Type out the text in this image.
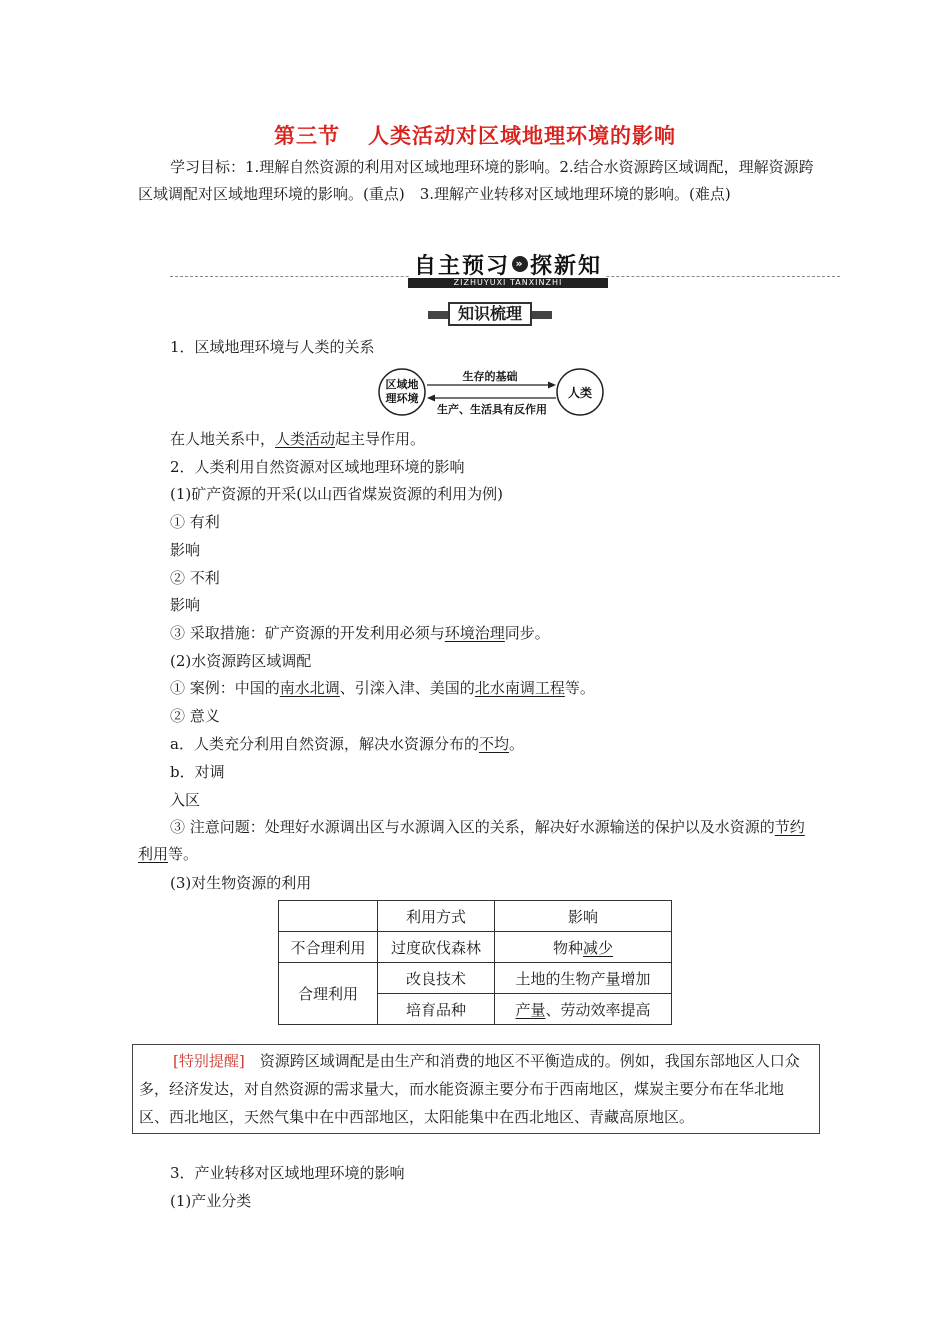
第三节 人类活动对区域地理环境的影响
学习目标：1.理解自然资源的利用对区域地理环境的影响。2.结合水资源跨区域调配，理解资源跨区域调配对区域地理环境的影响。(重点)　3.理解产业转移对区域地理环境的影响。(难点)
自主预习 » 探新知
ZIZHUYUXI TANXINZHI
知识梳理
1．区域地理环境与人类的关系
区域地
理环境	人类
生存的基础
生产、生活具有反作用
在人地关系中，人类活动起主导作用。
2．人类利用自然资源对区域地理环境的影响
(1)矿产资源的开采(以山西省煤炭资源的利用为例)
① 有利
影响
② 不利
影响
③ 采取措施：矿产资源的开发利用必须与环境治理同步。
(2)水资源跨区域调配
① 案例：中国的南水北调、引滦入津、美国的北水南调工程等。
② 意义
a．人类充分利用自然资源，解决水资源分布的不均。
b．对调
入区
③ 注意问题：处理好水源调出区与水源调入区的关系，解决好水源输送的保护以及水资源的节约利用等。
(3)对生物资源的利用
	利用方式	影响
不合理利用	过度砍伐森林	物种减少
合理利用	改良技术	土地的生物产量增加
	培育品种	产量、劳动效率提高
[特别提醒]　资源跨区域调配是由生产和消费的地区不平衡造成的。例如，我国东部地区人口众多，经济发达，对自然资源的需求量大，而水能资源主要分布于西南地区，煤炭主要分布在华北地区、西北地区，天然气集中在中西部地区，太阳能集中在西北地区、青藏高原地区。
3．产业转移对区域地理环境的影响
(1)产业分类
